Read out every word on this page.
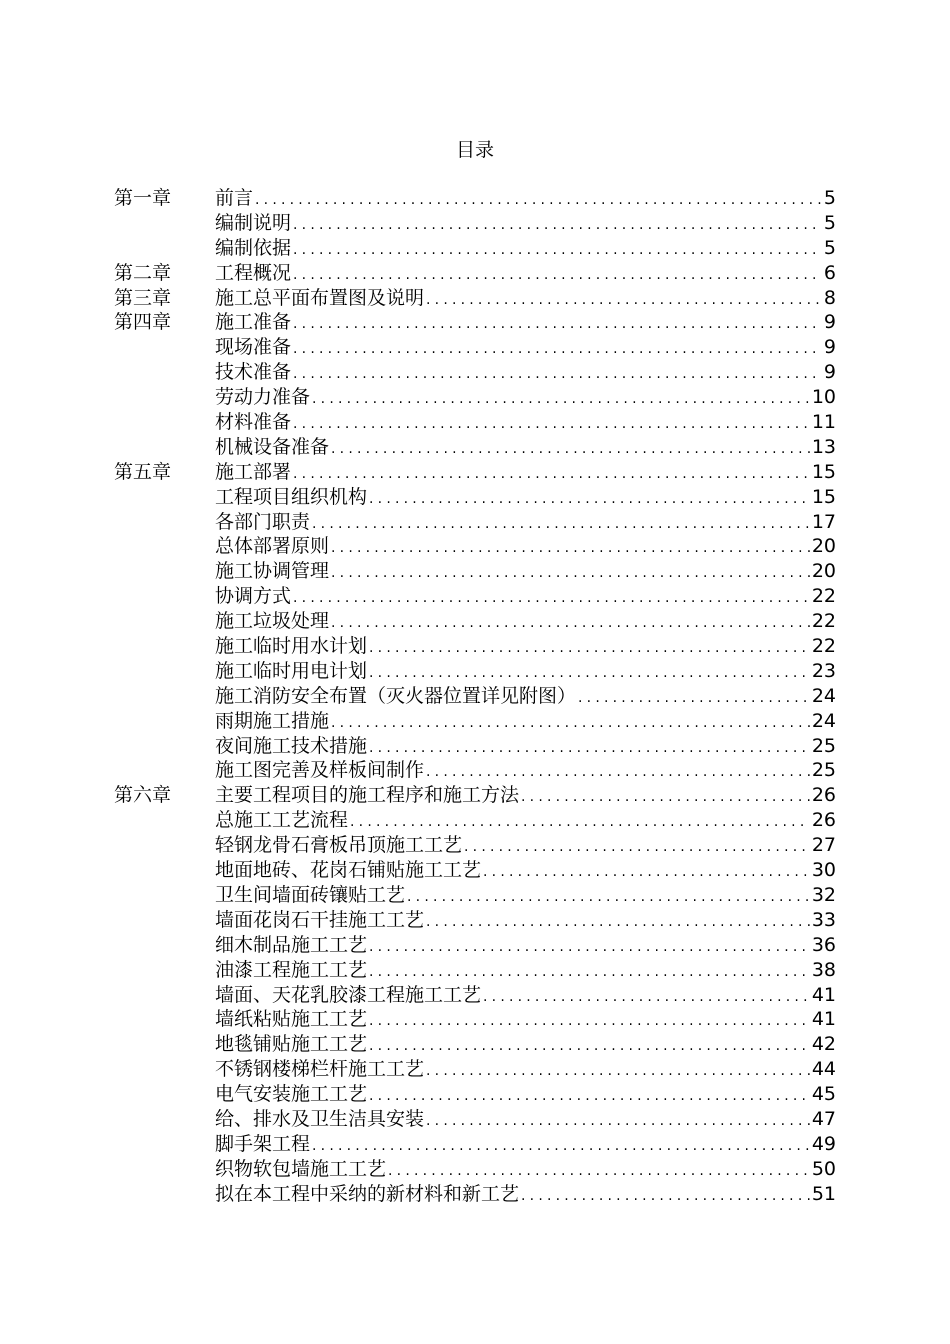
目录
第一章	前言 .....	5
编制说明 .....	5
编制依据 .....	5
第二章	工程概况 .....	6
第三章	施工总平面布置图及说明 .....	8
第四章	施工准备 .....	9
现场准备 .....	9
技术准备 .....	9
劳动力准备 .....	10
材料准备 .....	11
机械设备准备 .....	13
第五章	施工部署 .....	15
工程项目组织机构 .....	15
各部门职责 .....	17
总体部署原则 .....	20
施工协调管理 .....	20
协调方式 .....	22
施工垃圾处理 .....	22
施工临时用水计划 .....	22
施工临时用电计划 .....	23
施工消防安全布置（灭火器位置详见附图） .....	24
雨期施工措施 .....	24
夜间施工技术措施 .....	25
施工图完善及样板间制作 .....	25
第六章	主要工程项目的施工程序和施工方法 .....	26
总施工工艺流程 .....	26
轻钢龙骨石膏板吊顶施工工艺 .....	27
地面地砖、花岗石铺贴施工工艺 .....	30
卫生间墙面砖镶贴工艺 .....	32
墙面花岗石干挂施工工艺 .....	33
细木制品施工工艺 .....	36
油漆工程施工工艺 .....	38
墙面、天花乳胶漆工程施工工艺 .....	41
墙纸粘贴施工工艺 .....	41
地毯铺贴施工工艺 .....	42
不锈钢楼梯栏杆施工工艺 .....	44
电气安装施工工艺 .....	45
给、排水及卫生洁具安装 .....	47
脚手架工程 .....	49
织物软包墙施工工艺 .....	50
拟在本工程中采纳的新材料和新工艺 .....	51
